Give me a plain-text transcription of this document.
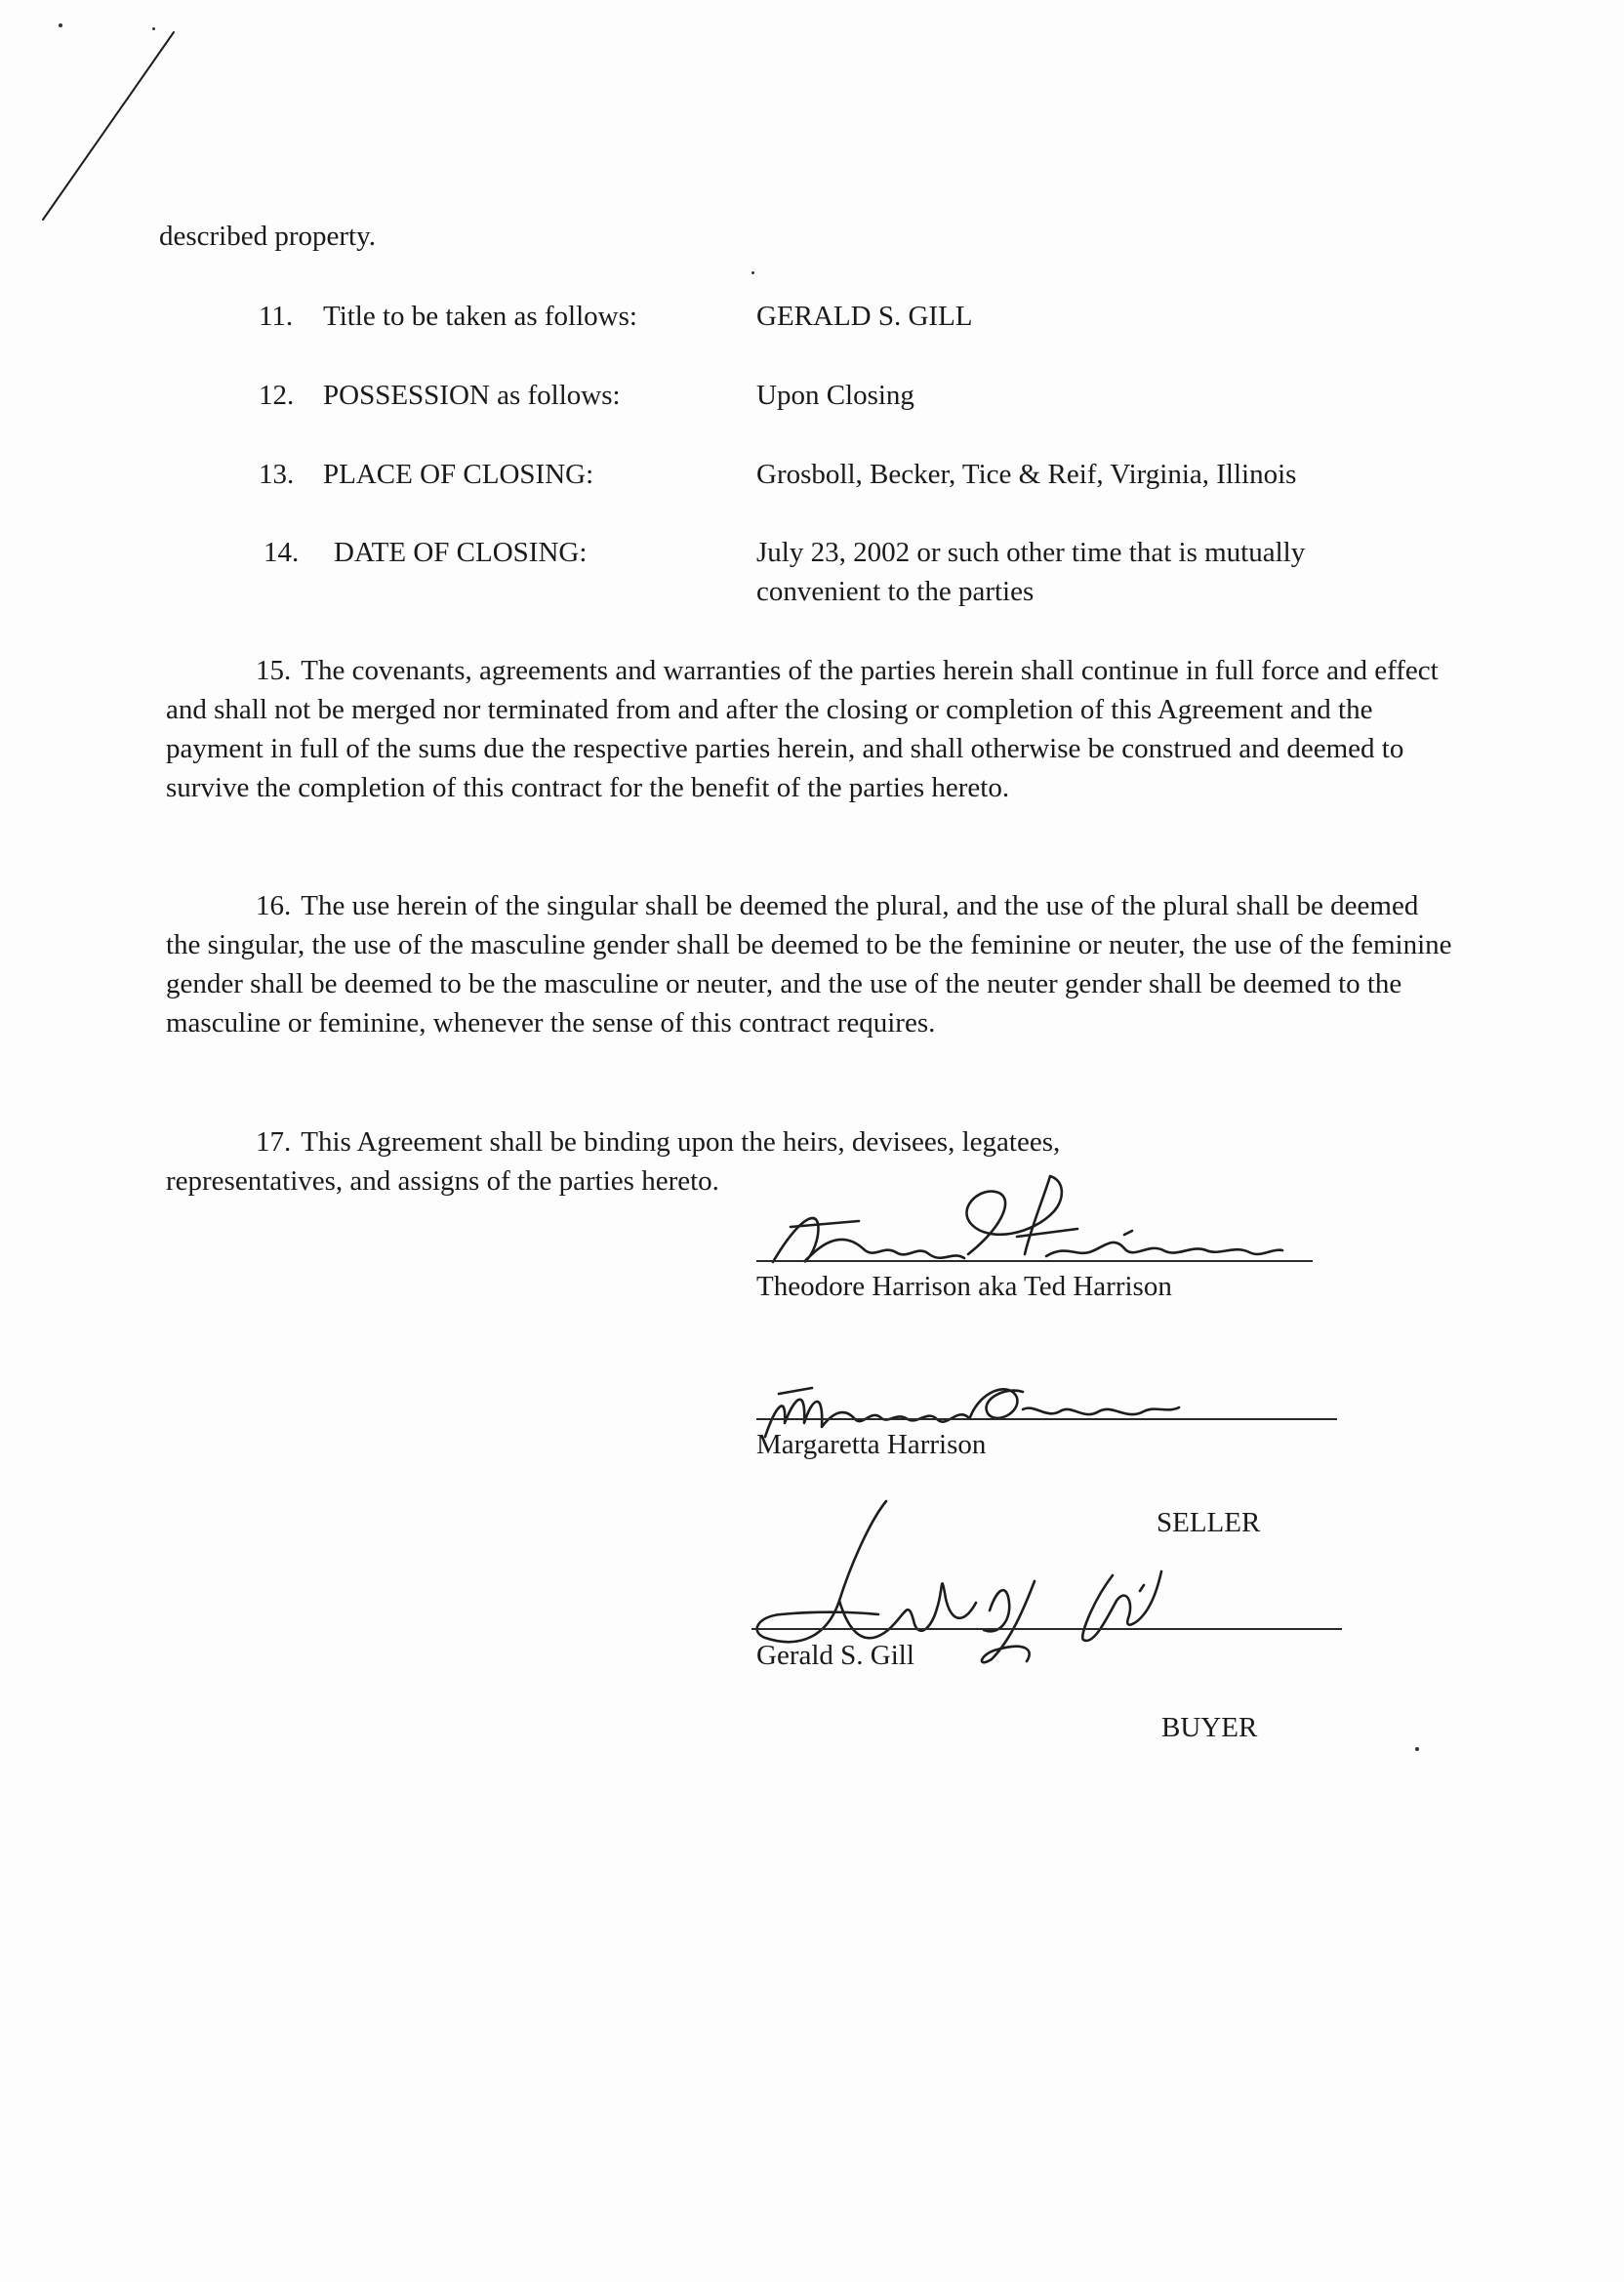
described property.
11. Title to be taken as follows:	GERALD S. GILL
12. POSSESSION as follows:	Upon Closing
13. PLACE OF CLOSING:	Grosboll, Becker, Tice & Reif, Virginia, Illinois
14. DATE OF CLOSING:	July 23, 2002 or such other time that is mutually
convenient to the parties
15. The covenants, agreements and warranties of the parties herein shall continue in full force and effect and shall not be merged nor terminated from and after the closing or completion of this Agreement and the payment in full of the sums due the respective parties herein, and shall otherwise be construed and deemed to survive the completion of this contract for the benefit of the parties hereto.
16. The use herein of the singular shall be deemed the plural, and the use of the plural shall be deemed the singular, the use of the masculine gender shall be deemed to be the feminine or neuter, the use of the feminine gender shall be deemed to be the masculine or neuter, and the use of the neuter gender shall be deemed to the masculine or feminine, whenever the sense of this contract requires.
17. This Agreement shall be binding upon the heirs, devisees, legatees, representatives, and assigns of the parties hereto.
Theodore Harrison aka Ted Harrison
Margaretta Harrison
SELLER
Gerald S. Gill
BUYER
